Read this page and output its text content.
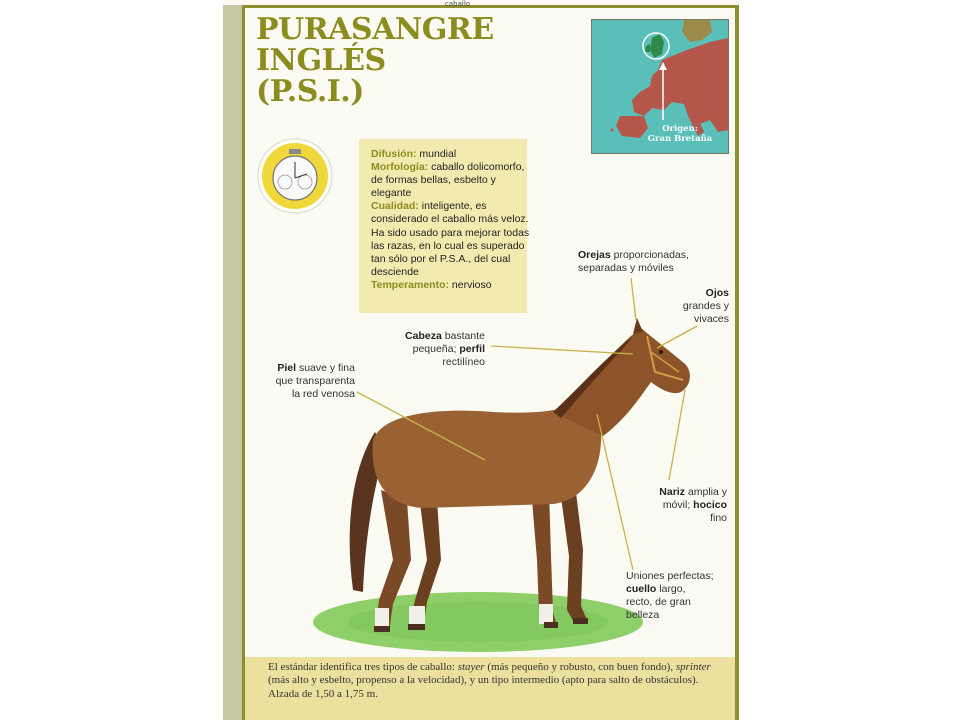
caballo
PURASANGRE
INGLÉS
(P.S.I.)
Origen:
Gran Bretaña
Difusión: mundial
Morfología: caballo dolicomorfo, de formas bellas, esbelto y elegante
Cualidad: inteligente, es considerado el caballo más veloz. Ha sido usado para mejorar todas las razas, en lo cual es superado tan sólo por el P.S.A., del cual desciende
Temperamento: nervioso
Orejas proporcionadas,
separadas y móviles
Ojos
grandes y
vivaces
Cabeza bastante
pequeña; perfil
rectilíneo
Piel suave y fina
que transparenta
la red venosa
Nariz amplia y
móvil; hocico
fino
Uniones perfectas;
cuello largo,
recto, de gran
belleza
El estándar identifica tres tipos de caballo: stayer (más pequeño y robusto, con buen fondo), sprinter (más alto y esbelto, propenso a la velocidad), y un tipo intermedio (apto para salto de obstáculos). Alzada de 1,50 a 1,75 m.
